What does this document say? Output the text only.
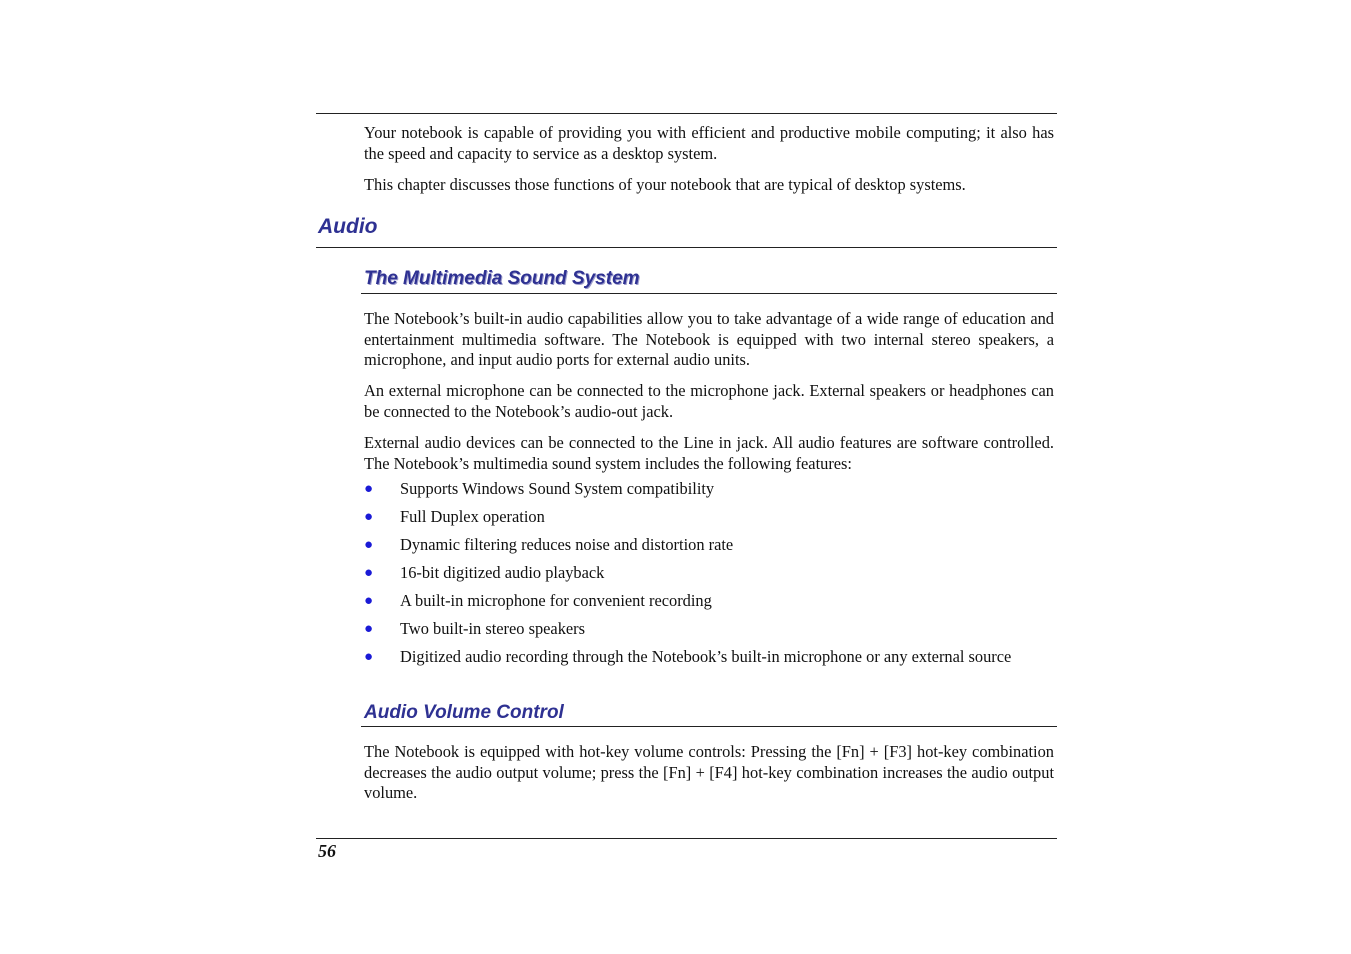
Your notebook is capable of providing you with efficient and productive mobile computing; it also has the speed and capacity to service as a desktop system.

This chapter discusses those functions of your notebook that are typical of desktop systems.

Audio
The Multimedia Sound System

The Notebook’s built-in audio capabilities allow you to take advantage of a wide range of education and entertainment multimedia software. The Notebook is equipped with two internal stereo speakers, a microphone, and input audio ports for external audio units.

An external microphone can be connected to the microphone jack. External speakers or headphones can be connected to the Notebook’s audio-out jack.

External audio devices can be connected to the Line in jack. All audio features are software controlled. The Notebook’s multimedia sound system includes the following features:

● Supports Windows Sound System compatibility
● Full Duplex operation
● Dynamic filtering reduces noise and distortion rate
● 16-bit digitized audio playback
● A built-in microphone for convenient recording
● Two built-in stereo speakers
● Digitized audio recording through the Notebook’s built-in microphone or any external source
Audio Volume Control

The Notebook is equipped with hot-key volume controls: Pressing the [Fn] + [F3] hot-key combination decreases the audio output volume; press the [Fn] + [F4] hot-key combination increases the audio output volume.

56
